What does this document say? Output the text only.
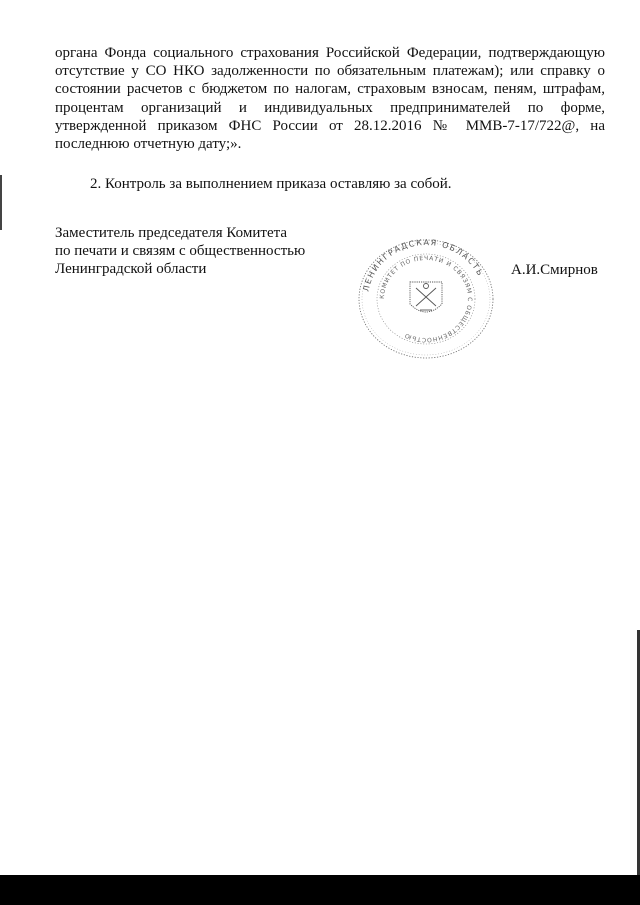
органа Фонда социального страхования Российской Федерации, подтверждающую
отсутствие у СО НКО задолженности по обязательным платежам); или справку о
состоянии расчетов с бюджетом по налогам, страховым взносам, пеням, штрафам,
процентам организаций и индивидуальных предпринимателей по форме,
утвержденной приказом ФНС России от 28.12.2016 № ММВ-7-17/722@, на
последнюю отчетную дату;».

2. Контроль за выполнением приказа оставляю за собой.

Заместитель председателя Комитета
по печати и связям с общественностью
Ленинградской области
ЛЕНИНГРАДСКАЯ ОБЛАСТЬ
КОМИТЕТ ПО ПЕЧАТИ И СВЯЗЯМ С ОБЩЕСТВЕННОСТЬЮ
А.И.Смирнов
